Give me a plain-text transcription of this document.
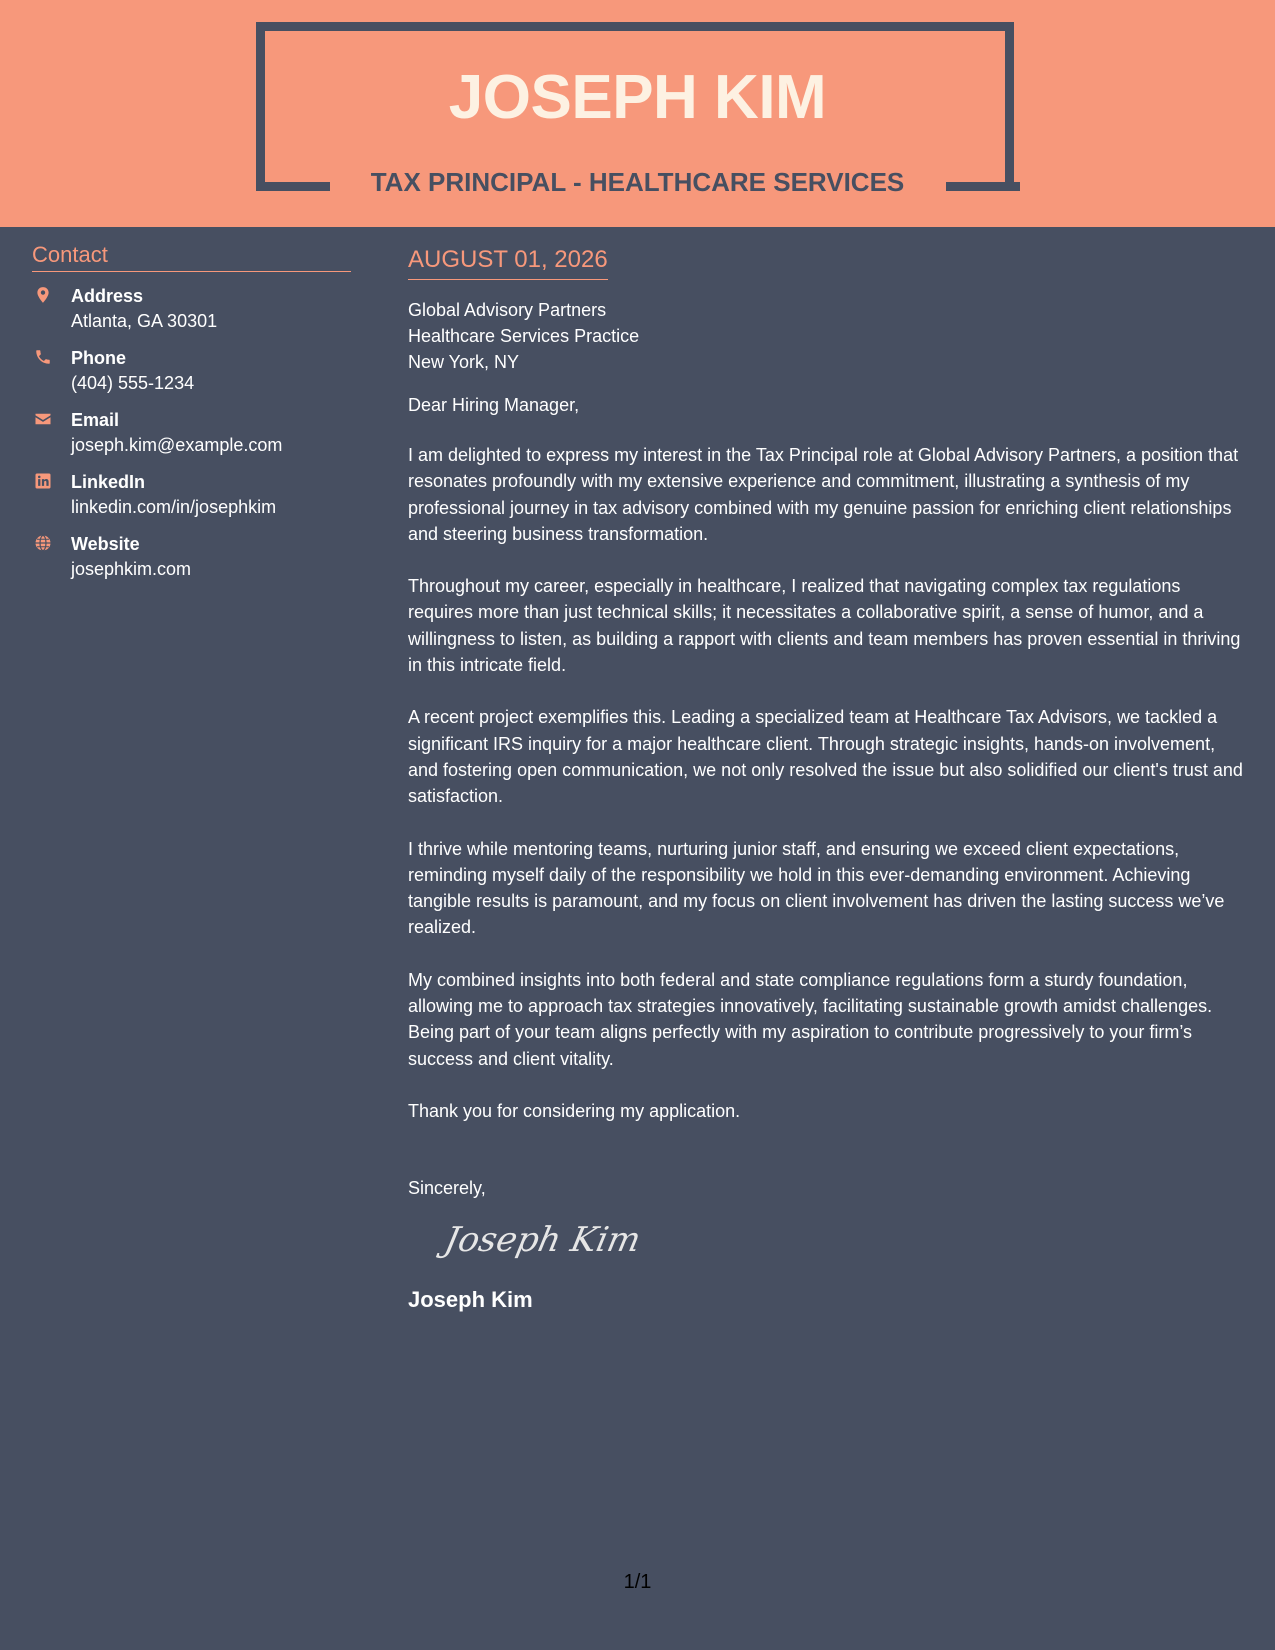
JOSEPH KIM
TAX PRINCIPAL - HEALTHCARE SERVICES
Contact
Address
Atlanta, GA 30301
Phone
(404) 555-1234
Email
joseph.kim@example.com
LinkedIn
linkedin.com/in/josephkim
Website
josephkim.com
AUGUST 01, 2026
Global Advisory Partners
Healthcare Services Practice
New York, NY
Dear Hiring Manager,

I am delighted to express my interest in the Tax Principal role at Global Advisory Partners, a position that resonates profoundly with my extensive experience and commitment, illustrating a synthesis of my professional journey in tax advisory combined with my genuine passion for enriching client relationships and steering business transformation.

Throughout my career, especially in healthcare, I realized that navigating complex tax regulations requires more than just technical skills; it necessitates a collaborative spirit, a sense of humor, and a willingness to listen, as building a rapport with clients and team members has proven essential in thriving in this intricate field.

A recent project exemplifies this. Leading a specialized team at Healthcare Tax Advisors, we tackled a significant IRS inquiry for a major healthcare client. Through strategic insights, hands-on involvement, and fostering open communication, we not only resolved the issue but also solidified our client's trust and satisfaction.

I thrive while mentoring teams, nurturing junior staff, and ensuring we exceed client expectations, reminding myself daily of the responsibility we hold in this ever-demanding environment. Achieving tangible results is paramount, and my focus on client involvement has driven the lasting success we’ve realized.

My combined insights into both federal and state compliance regulations form a sturdy foundation, allowing me to approach tax strategies innovatively, facilitating sustainable growth amidst challenges. Being part of your team aligns perfectly with my aspiration to contribute progressively to your firm’s success and client vitality.

Thank you for considering my application.

Sincerely,
Joseph Kim
Joseph Kim
1/1
